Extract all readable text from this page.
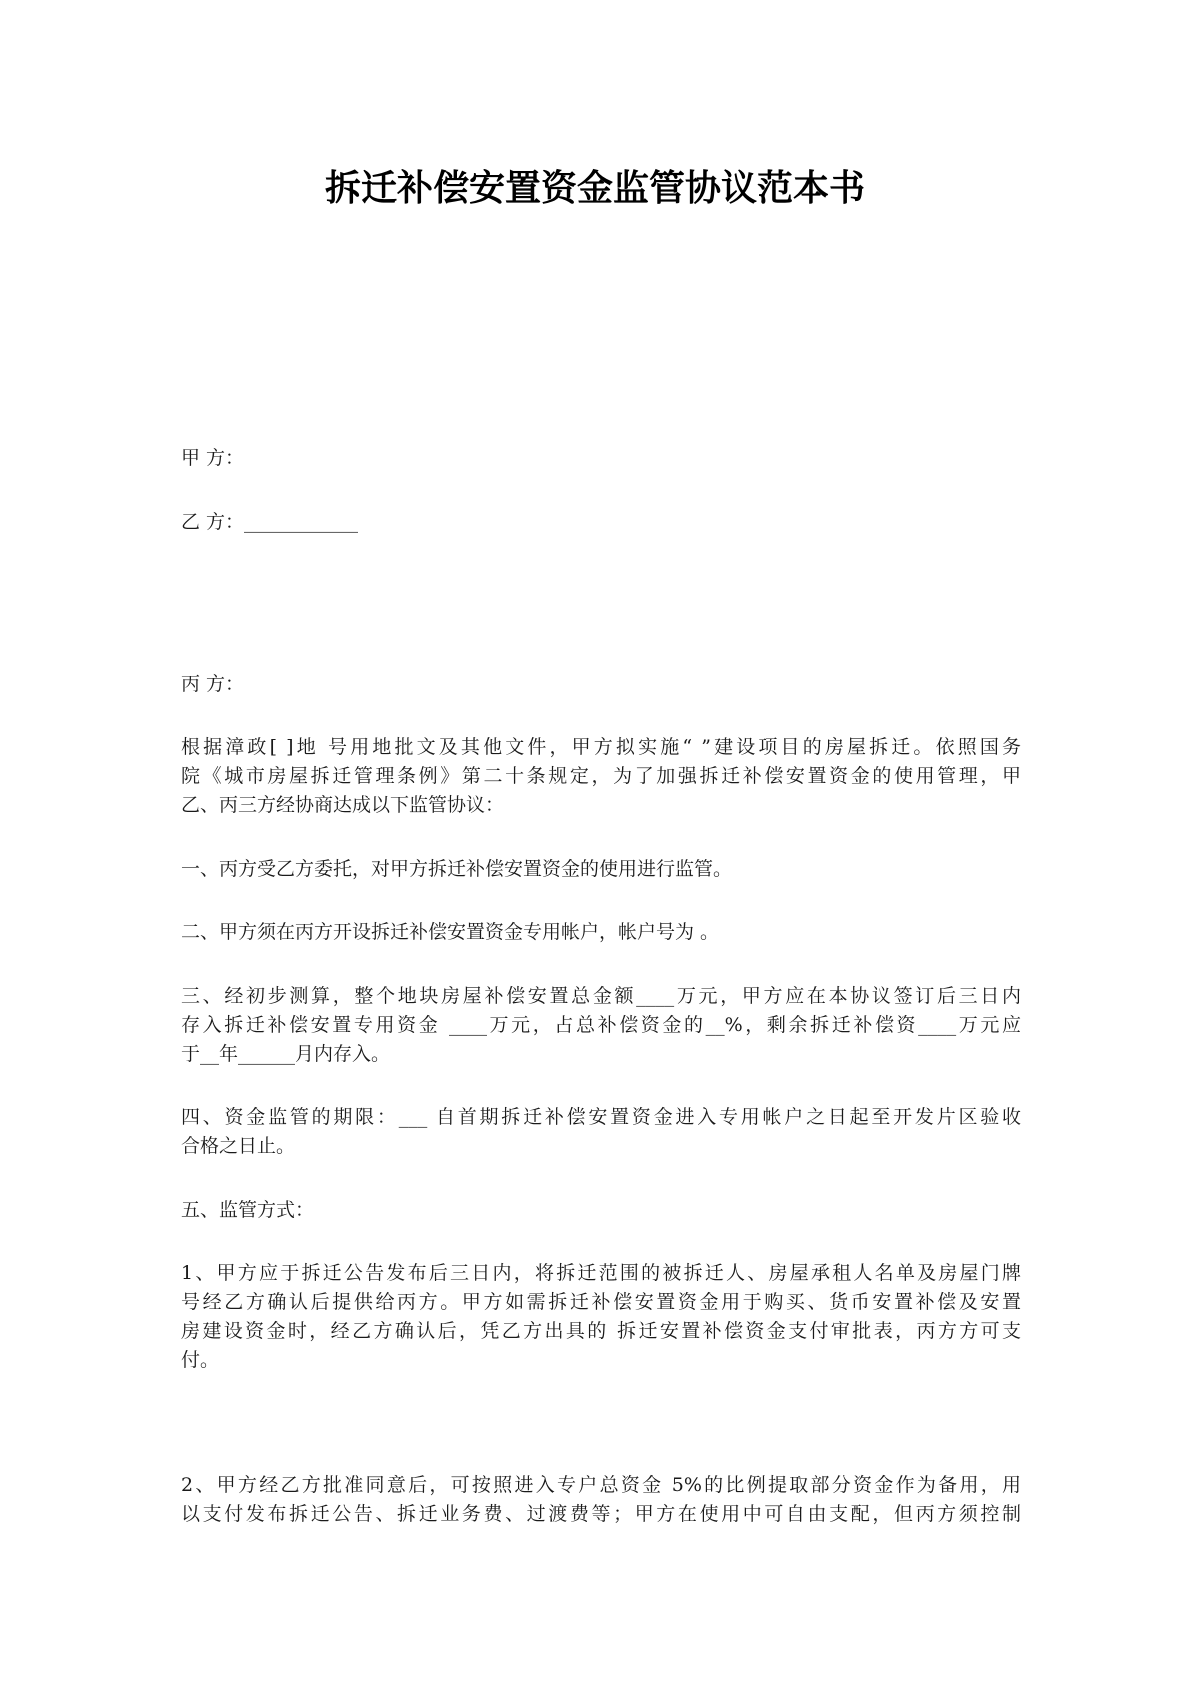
拆迁补偿安置资金监管协议范本书
甲 方：
乙 方：____________
丙 方：
根据漳政[ ]地 号用地批文及其他文件，甲方拟实施“ ”建设项目的房屋拆迁。依照国务
院《城市房屋拆迁管理条例》第二十条规定，为了加强拆迁补偿安置资金的使用管理，甲
乙、丙三方经协商达成以下监管协议：
一、丙方受乙方委托，对甲方拆迁补偿安置资金的使用进行监管。
二、甲方须在丙方开设拆迁补偿安置资金专用帐户，帐户号为 。
三、经初步测算，整个地块房屋补偿安置总金额____万元，甲方应在本协议签订后三日内
存入拆迁补偿安置专用资金 ____万元，占总补偿资金的__%，剩余拆迁补偿资____万元应
于__年______月内存入。
四、资金监管的期限：___ 自首期拆迁补偿安置资金进入专用帐户之日起至开发片区验收
合格之日止。
五、监管方式：
1、甲方应于拆迁公告发布后三日内，将拆迁范围的被拆迁人、房屋承租人名单及房屋门牌
号经乙方确认后提供给丙方。甲方如需拆迁补偿安置资金用于购买、货币安置补偿及安置
房建设资金时，经乙方确认后，凭乙方出具的 拆迁安置补偿资金支付审批表，丙方方可支
付。
2、甲方经乙方批准同意后，可按照进入专户总资金 5%的比例提取部分资金作为备用，用
以支付发布拆迁公告、拆迁业务费、过渡费等；甲方在使用中可自由支配，但丙方须控制
